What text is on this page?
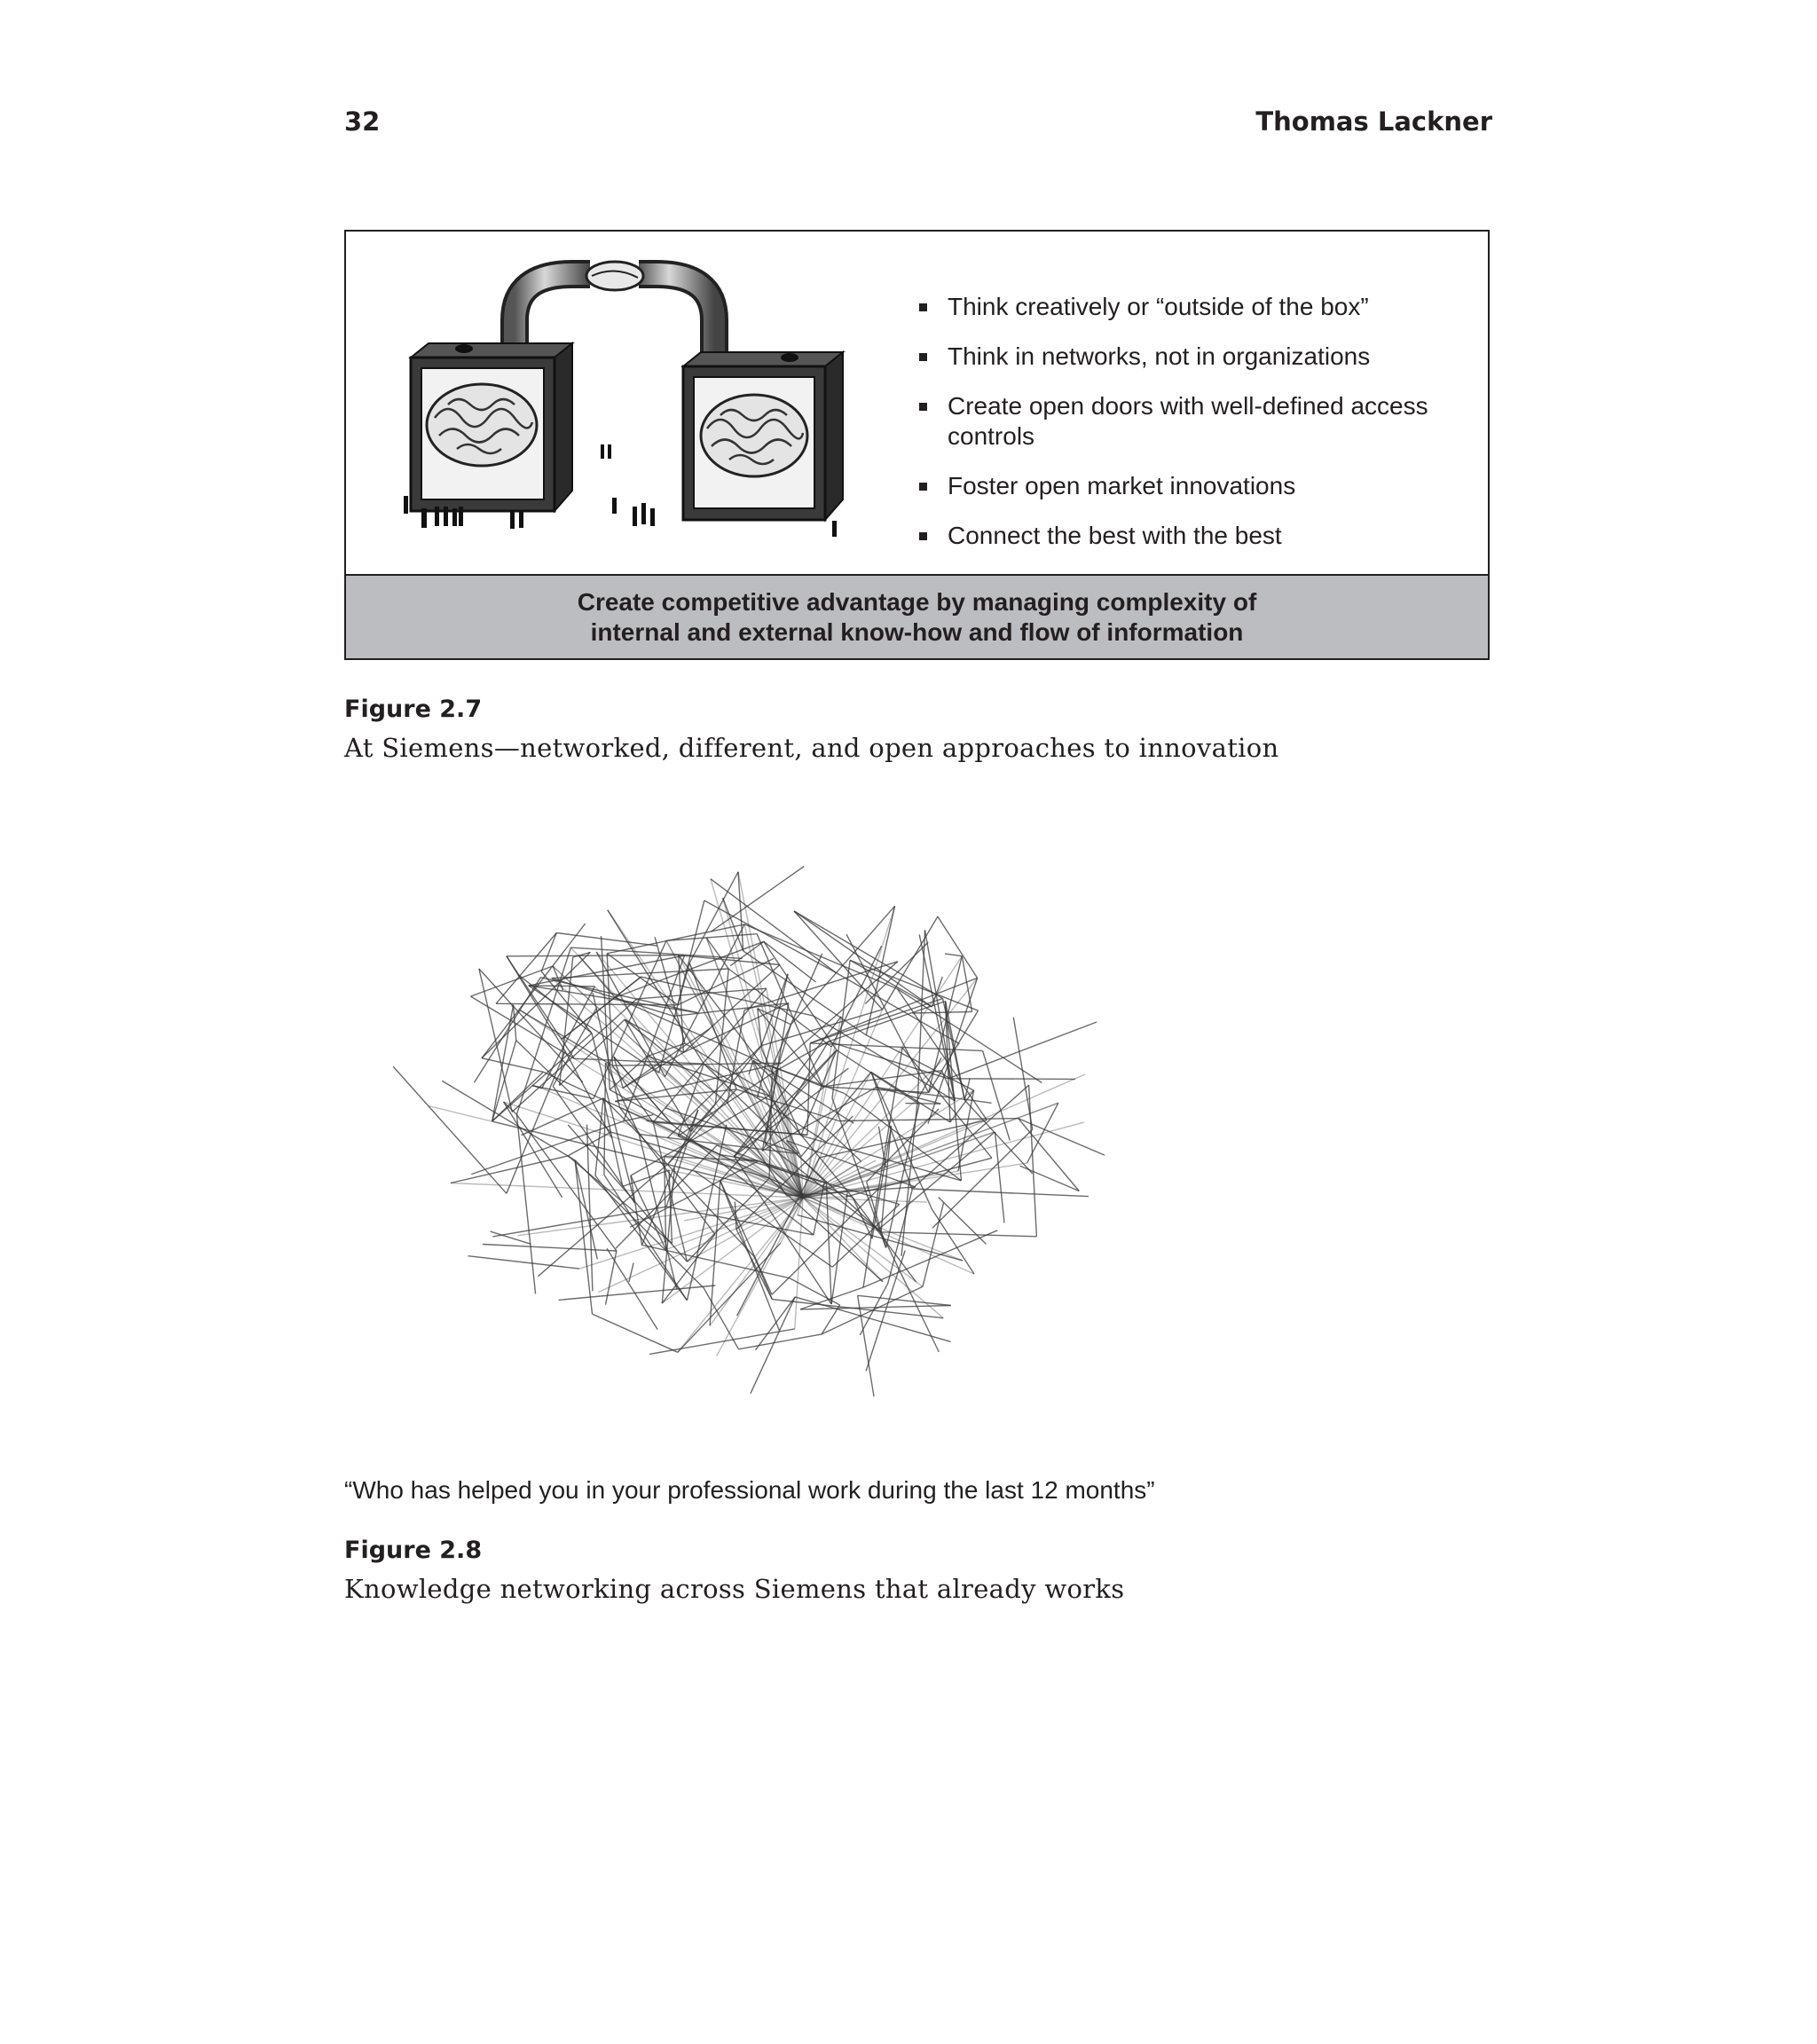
32	Thomas Lackner
Think creatively or “outside of the box”
Think in networks, not in organizations
Create open doors with well-defined access controls
Foster open market innovations
Connect the best with the best
Create competitive advantage by managing complexity of
internal and external know-how and flow of information
Figure 2.7
At Siemens—networked, different, and open approaches to innovation
“Who has helped you in your professional work during the last 12 months”
Figure 2.8
Knowledge networking across Siemens that already works
